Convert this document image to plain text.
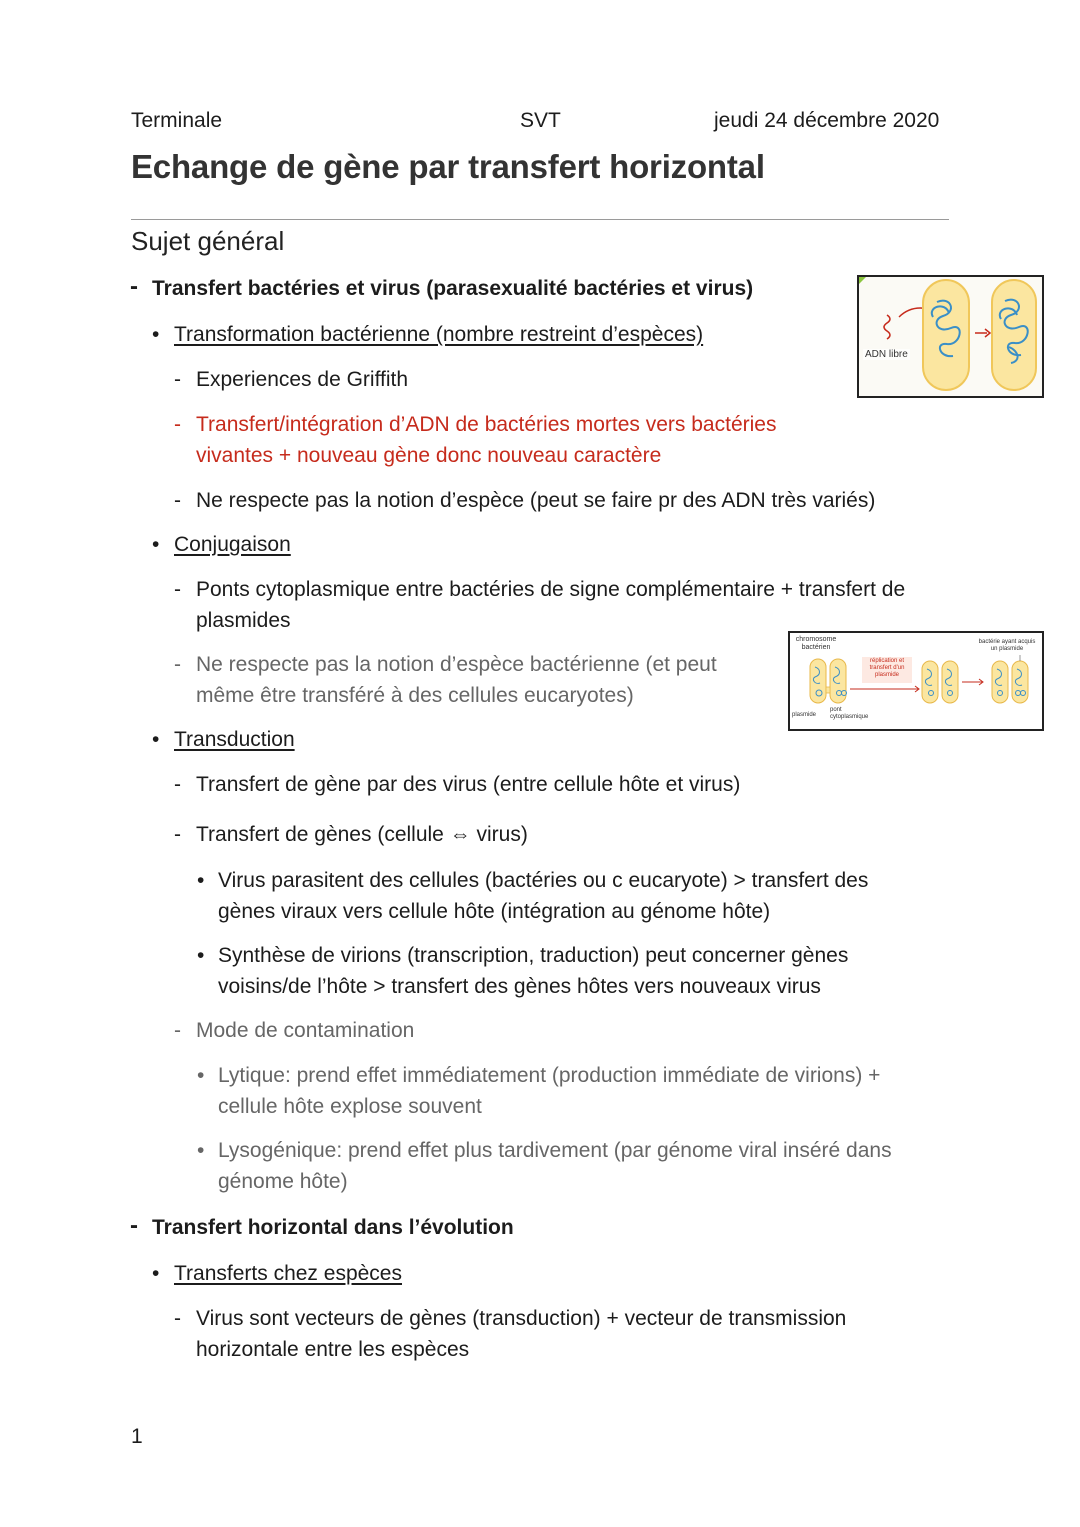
Terminale	SVT	jeudi 24 décembre 2020
Echange de gène par transfert horizontal
Sujet général
- Transfert bactéries et virus (parasexualité bactéries et virus)
• Transformation bactérienne (nombre restreint d’espèces)
- Experiences de Griffith
- Transfert/intégration d’ADN de bactéries mortes vers bactéries
vivantes + nouveau gène donc nouveau caractère
- Ne respecte pas la notion d’espèce (peut se faire pr des ADN très variés)
• Conjugaison
- Ponts cytoplasmique entre bactéries de signe complémentaire + transfert de
plasmides
- Ne respecte pas la notion d’espèce bactérienne (et peut
même être transféré à des cellules eucaryotes)
• Transduction
- Transfert de gène par des virus (entre cellule hôte et virus)
- Transfert de gènes (cellule ⇔ virus)
• Virus parasitent des cellules (bactéries ou c eucaryote) > transfert des
gènes viraux vers cellule hôte (intégration au génome hôte)
• Synthèse de virions (transcription, traduction) peut concerner gènes
voisins/de l’hôte > transfert des gènes hôtes vers nouveaux virus
- Mode de contamination
• Lytique: prend effet immédiatement (production immédiate de virions) +
cellule hôte explose souvent
• Lysogénique: prend effet plus tardivement (par génome viral inséré dans
génome hôte)
- Transfert horizontal dans l’évolution
• Transferts chez espèces
- Virus sont vecteurs de gènes (transduction) + vecteur de transmission
horizontale entre les espèces
ADN libre
chromosome bactérien
réplication et transfert d'un plasmide
bactérie ayant acquis un plasmide
plasmide
pont cytoplasmique
1
